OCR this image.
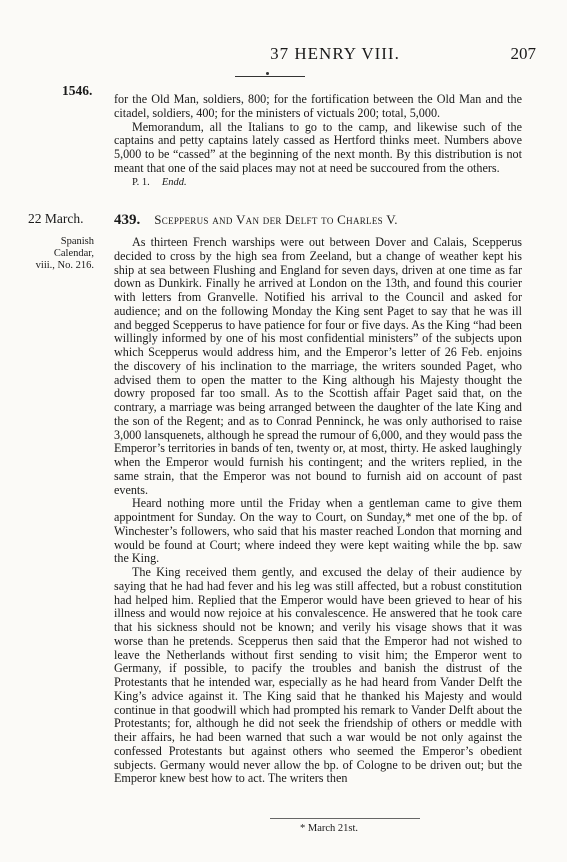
37 HENRY VIII.	207
1546.

for the Old Man, soldiers, 800; for the fortification between the Old Man and the citadel, soldiers, 400; for the ministers of victuals 200; total, 5,000.

Memorandum, all the Italians to go to the camp, and likewise such of the captains and petty captains lately cassed as Hertford thinks meet. Numbers above 5,000 to be “cassed” at the beginning of the next month. By this distribution is not meant that one of the said places may not at need be succoured from the others.

P. 1. Endd.

22 March.
Spanish
Calendar,
viii., No. 216.
439. Scepperus and Van der Delft to Charles V.

As thirteen French warships were out between Dover and Calais, Scepperus decided to cross by the high sea from Zeeland, but a change of weather kept his ship at sea between Flushing and England for seven days, driven at one time as far down as Dunkirk. Finally he arrived at London on the 13th, and found this courier with letters from Granvelle. Notified his arrival to the Council and asked for audience; and on the following Monday the King sent Paget to say that he was ill and begged Scepperus to have patience for four or five days. As the King “had been willingly informed by one of his most confidential ministers” of the subjects upon which Scepperus would address him, and the Emperor’s letter of 26 Feb. enjoins the discovery of his inclination to the marriage, the writers sounded Paget, who advised them to open the matter to the King although his Majesty thought the dowry proposed far too small. As to the Scottish affair Paget said that, on the contrary, a marriage was being arranged between the daughter of the late King and the son of the Regent; and as to Conrad Penninck, he was only authorised to raise 3,000 lansquenets, although he spread the rumour of 6,000, and they would pass the Emperor’s territories in bands of ten, twenty or, at most, thirty. He asked laughingly when the Emperor would furnish his contingent; and the writers replied, in the same strain, that the Emperor was not bound to furnish aid on account of past events.

Heard nothing more until the Friday when a gentleman came to give them appointment for Sunday. On the way to Court, on Sunday,* met one of the bp. of Winchester’s followers, who said that his master reached London that morning and would be found at Court; where indeed they were kept waiting while the bp. saw the King.

The King received them gently, and excused the delay of their audience by saying that he had had fever and his leg was still affected, but a robust constitution had helped him. Replied that the Emperor would have been grieved to hear of his illness and would now rejoice at his convalescence. He answered that he took care that his sickness should not be known; and verily his visage shows that it was worse than he pretends. Scepperus then said that the Emperor had not wished to leave the Netherlands without first sending to visit him; the Emperor went to Germany, if possible, to pacify the troubles and banish the distrust of the Protestants that he intended war, especially as he had heard from Vander Delft the King’s advice against it. The King said that he thanked his Majesty and would continue in that goodwill which had prompted his remark to Vander Delft about the Protestants; for, although he did not seek the friendship of others or meddle with their affairs, he had been warned that such a war would be not only against the confessed Protestants but against others who seemed the Emperor’s obedient subjects. Germany would never allow the bp. of Cologne to be driven out; but the Emperor knew best how to act. The writers then

* March 21st.
